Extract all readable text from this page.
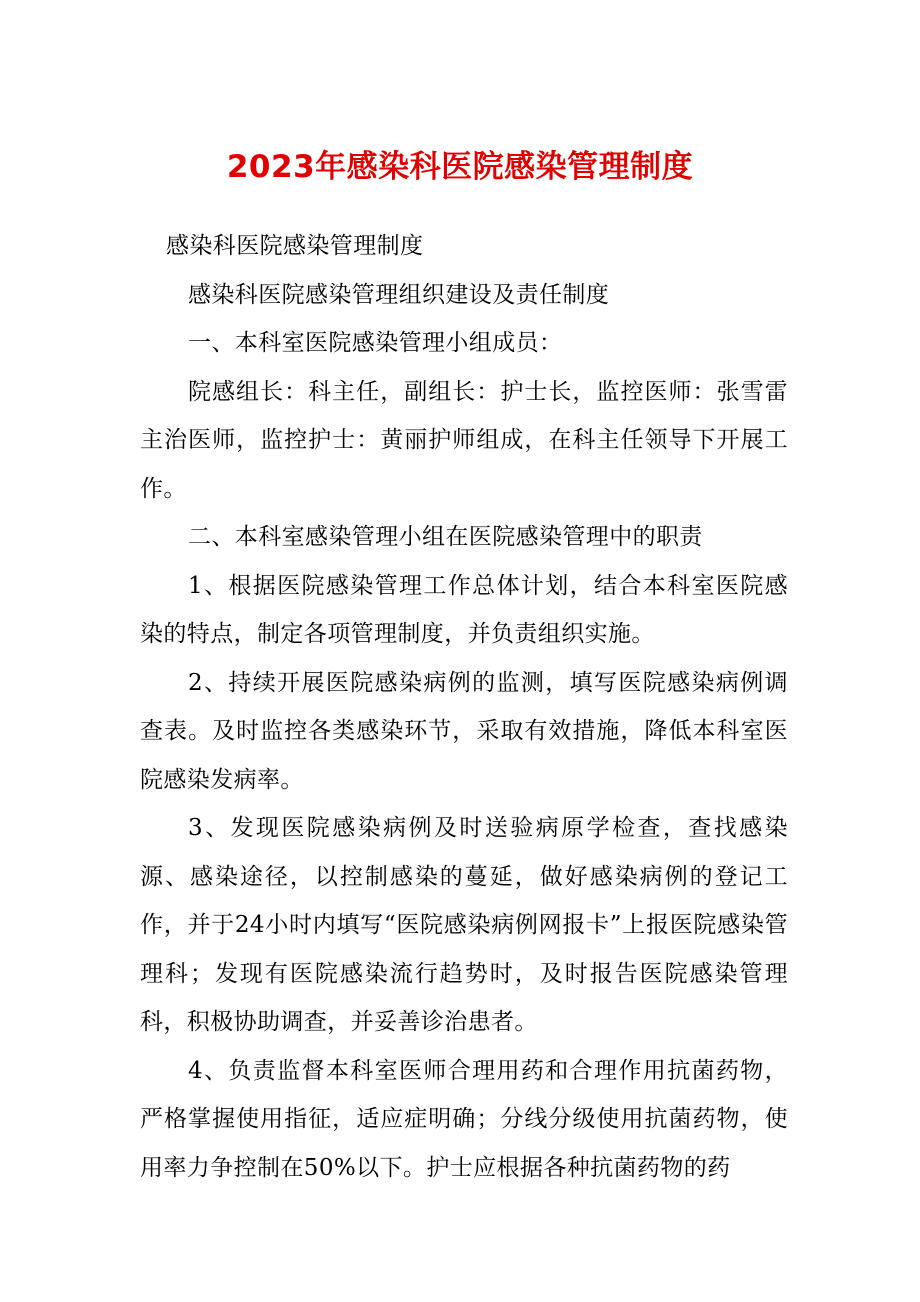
2023年感染科医院感染管理制度

感染科医院感染管理制度

感染科医院感染管理组织建设及责任制度

一、本科室医院感染管理小组成员：

院感组长：科主任，副组长：护士长，监控医师：张雪雷主治医师，监控护士：黄丽护师组成，在科主任领导下开展工作。

二、本科室感染管理小组在医院感染管理中的职责

1、根据医院感染管理工作总体计划，结合本科室医院感染的特点，制定各项管理制度，并负责组织实施。

2、持续开展医院感染病例的监测，填写医院感染病例调查表。及时监控各类感染环节，采取有效措施，降低本科室医院感染发病率。

3、发现医院感染病例及时送验病原学检查，查找感染源、感染途径，以控制感染的蔓延，做好感染病例的登记工作，并于24小时内填写“医院感染病例网报卡”上报医院感染管理科；发现有医院感染流行趋势时，及时报告医院感染管理科，积极协助调查，并妥善诊治患者。

4、负责监督本科室医师合理用药和合理作用抗菌药物，严格掌握使用指征，适应症明确；分线分级使用抗菌药物，使用率力争控制在50%以下。护士应根据各种抗菌药物的药
